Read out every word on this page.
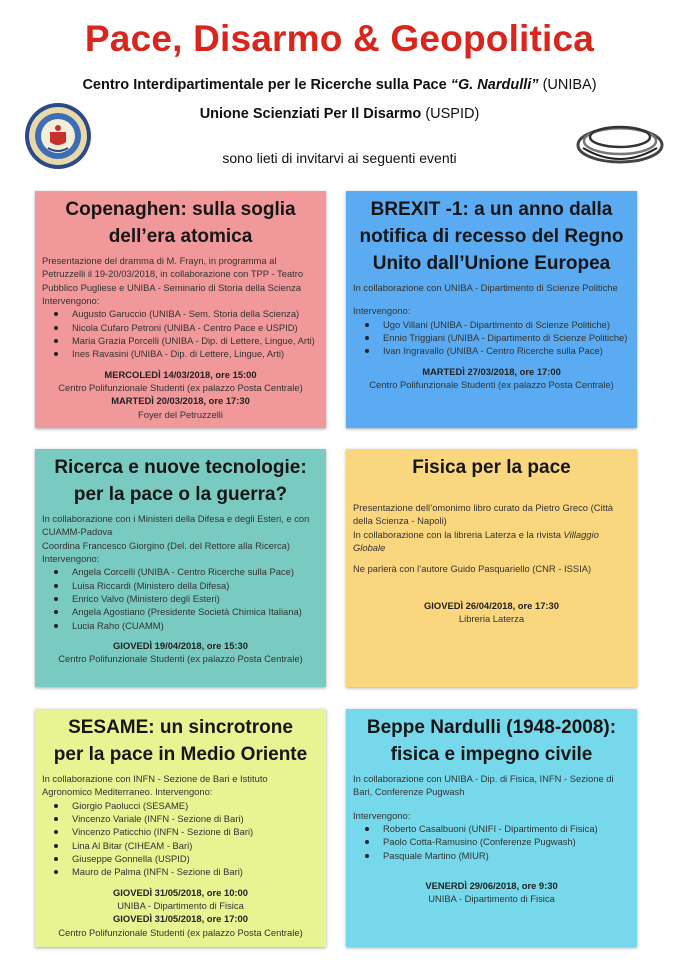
Pace, Disarmo & Geopolitica
Centro Interdipartimentale per le Ricerche sulla Pace “G. Nardulli” (UNIBA)
Unione Scienziati Per Il Disarmo (USPID)
sono lieti di invitarvi ai seguenti eventi
Copenaghen: sulla soglia
dell’era atomica

Presentazione del dramma di M. Frayn, in programma al Petruzzelli il 19-20/03/2018, in collaborazione con TPP - Teatro Pubblico Pugliese e UNIBA - Seminario di Storia della Scienza

Intervengono:

Augusto Garuccio (UNIBA - Sem. Storia della Scienza)
Nicola Cufaro Petroni (UNIBA - Centro Pace e USPID)
Maria Grazia Porcelli (UNIBA - Dip. di Lettere, Lingue, Arti)
Ines Ravasini (UNIBA - Dip. di Lettere, Lingue, Arti)
MERCOLEDÌ 14/03/2018, ore 15:00
Centro Polifunzionale Studenti (ex palazzo Posta Centrale)
MARTEDÌ 20/03/2018, ore 17:30
Foyer del Petruzzelli
BREXIT -1: a un anno dalla
notifica di recesso del Regno
Unito dall’Unione Europea

In collaborazione con UNIBA - Dipartimento di Scienze Politiche

Intervengono:

Ugo Villani (UNIBA - Dipartimento di Scienze Politiche)
Ennio Triggiani (UNIBA - Dipartimento di Scienze Politiche)
Ivan Ingravallo (UNIBA - Centro Ricerche sulla Pace)
MARTEDÌ 27/03/2018, ore 17:00
Centro Polifunzionale Studenti (ex palazzo Posta Centrale)
Ricerca e nuove tecnologie:
per la pace o la guerra?

In collaborazione con i Ministeri della Difesa e degli Esteri, e con CUAMM-Padova

Coordina Francesco Giorgino (Del. del Rettore alla Ricerca)

Intervengono:

Angela Corcelli (UNIBA - Centro Ricerche sulla Pace)
Luisa Riccardi (Ministero della Difesa)
Enrico Valvo (Ministero degli Esteri)
Angela Agostiano (Presidente Società Chimica Italiana)
Lucia Raho (CUAMM)
GIOVEDÌ 19/04/2018, ore 15:30
Centro Polifunzionale Studenti (ex palazzo Posta Centrale)
Fisica per la pace

Presentazione dell’omonimo libro curato da Pietro Greco (Città della Scienza - Napoli)

In collaborazione con la libreria Laterza e la rivista Villaggio Globale

Ne parlerà con l’autore Guido Pasquariello (CNR - ISSIA)

GIOVEDÌ 26/04/2018, ore 17:30
Libreria Laterza
SESAME: un sincrotrone
per la pace in Medio Oriente

In collaborazione con INFN - Sezione de Bari e Istituto Agronomico Mediterraneo. Intervengono:

Giorgio Paolucci (SESAME)
Vincenzo Variale (INFN - Sezione di Bari)
Vincenzo Paticchio (INFN - Sezione di Bari)
Lina Al Bitar (CIHEAM - Bari)
Giuseppe Gonnella (USPID)
Mauro de Palma (INFN - Sezione di Bari)
GIOVEDÌ 31/05/2018, ore 10:00
UNIBA - Dipartimento di Fisica
GIOVEDÌ 31/05/2018, ore 17:00
Centro Polifunzionale Studenti (ex palazzo Posta Centrale)
Beppe Nardulli (1948-2008):
fisica e impegno civile

In collaborazione con UNIBA - Dip. di Fisica, INFN - Sezione di Bari, Conferenze Pugwash

Intervengono:

Roberto Casalbuoni (UNIFI - Dipartimento di Fisica)
Paolo Cotta-Ramusino (Conferenze Pugwash)
Pasquale Martino (MIUR)
VENERDÌ 29/06/2018, ore 9:30
UNIBA - Dipartimento di Fisica
